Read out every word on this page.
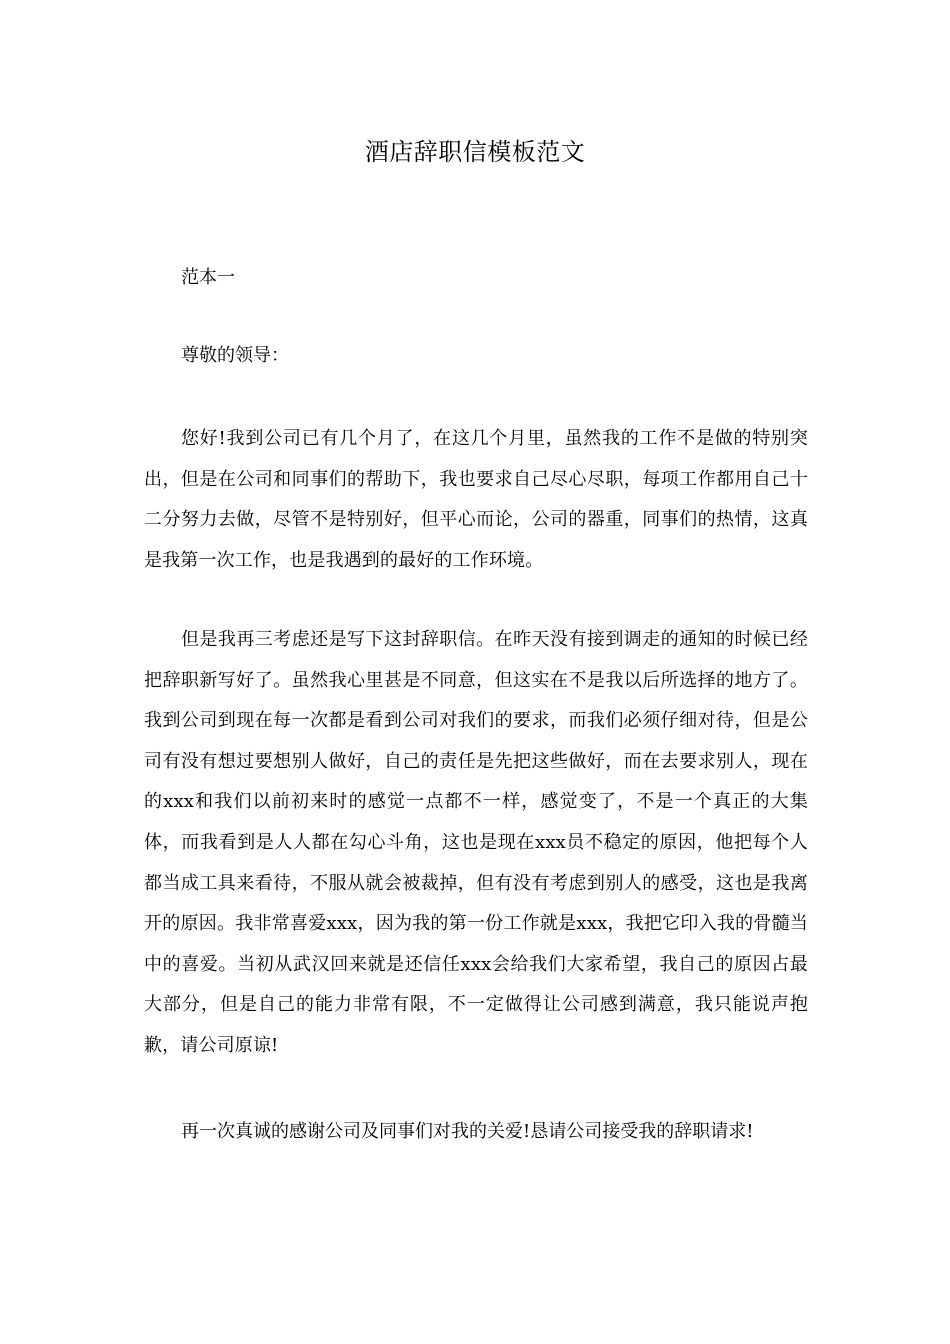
酒店辞职信模板范文
范本一
尊敬的领导：

您好!我到公司已有几个月了，在这几个月里，虽然我的工作不是做的特别突出，但是在公司和同事们的帮助下，我也要求自己尽心尽职，每项工作都用自己十二分努力去做，尽管不是特别好，但平心而论，公司的器重，同事们的热情，这真是我第一次工作，也是我遇到的最好的工作环境。

但是我再三考虑还是写下这封辞职信。在昨天没有接到调走的通知的时候已经把辞职新写好了。虽然我心里甚是不同意，但这实在不是我以后所选择的地方了。我到公司到现在每一次都是看到公司对我们的要求，而我们必须仔细对待，但是公司有没有想过要想别人做好，自己的责任是先把这些做好，而在去要求别人，现在的xxx和我们以前初来时的感觉一点都不一样，感觉变了，不是一个真正的大集体，而我看到是人人都在勾心斗角，这也是现在xxx员不稳定的原因，他把每个人都当成工具来看待，不服从就会被裁掉，但有没有考虑到别人的感受，这也是我离开的原因。我非常喜爱xxx，因为我的第一份工作就是xxx，我把它印入我的骨髓当中的喜爱。当初从武汉回来就是还信任xxx会给我们大家希望，我自己的原因占最大部分，但是自己的能力非常有限，不一定做得让公司感到满意，我只能说声抱歉，请公司原谅!

再一次真诚的感谢公司及同事们对我的关爱!恳请公司接受我的辞职请求!
